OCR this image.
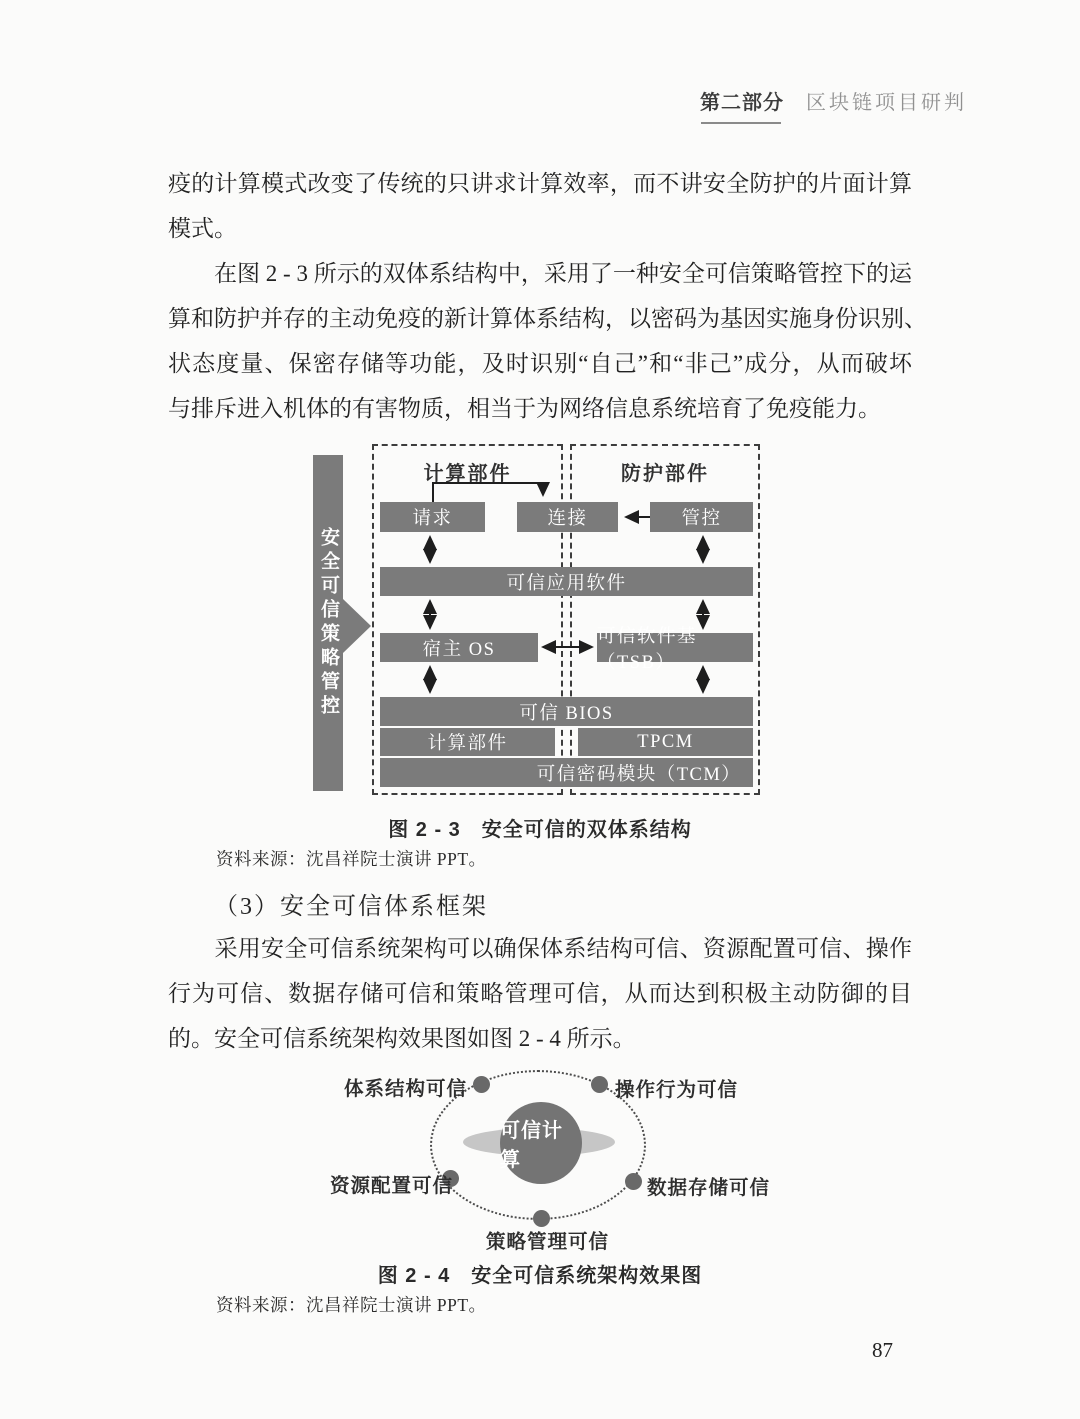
第二部分 区块链项目研判
疫的计算模式改变了传统的只讲求计算效率，而不讲安全防护的片面计算
模式。
　　在图 2 - 3 所示的双体系结构中，采用了一种安全可信策略管控下的运
算和防护并存的主动免疫的新计算体系结构，以密码为基因实施身份识别、
状态度量、保密存储等功能，及时识别“自己”和“非己”成分，从而破坏
与排斥进入机体的有害物质，相当于为网络信息系统培育了免疫能力。
安全可信策略管控
计算部件	防护部件
请求	连接	管控
可信应用软件
宿主 OS
可信软件基（TSB）
可信 BIOS
计算部件	TPCM
可信密码模块（TCM）
图 2 - 3　安全可信的双体系结构
资料来源：沈昌祥院士演讲 PPT。
（3）安全可信体系框架
　　采用安全可信系统架构可以确保体系结构可信、资源配置可信、操作
行为可信、数据存储可信和策略管理可信，从而达到积极主动防御的目
的。安全可信系统架构效果图如图 2 - 4 所示。
可信计算
体系结构可信	操作行为可信
资源配置可信	数据存储可信
策略管理可信
图 2 - 4　安全可信系统架构效果图
资料来源：沈昌祥院士演讲 PPT。
87
